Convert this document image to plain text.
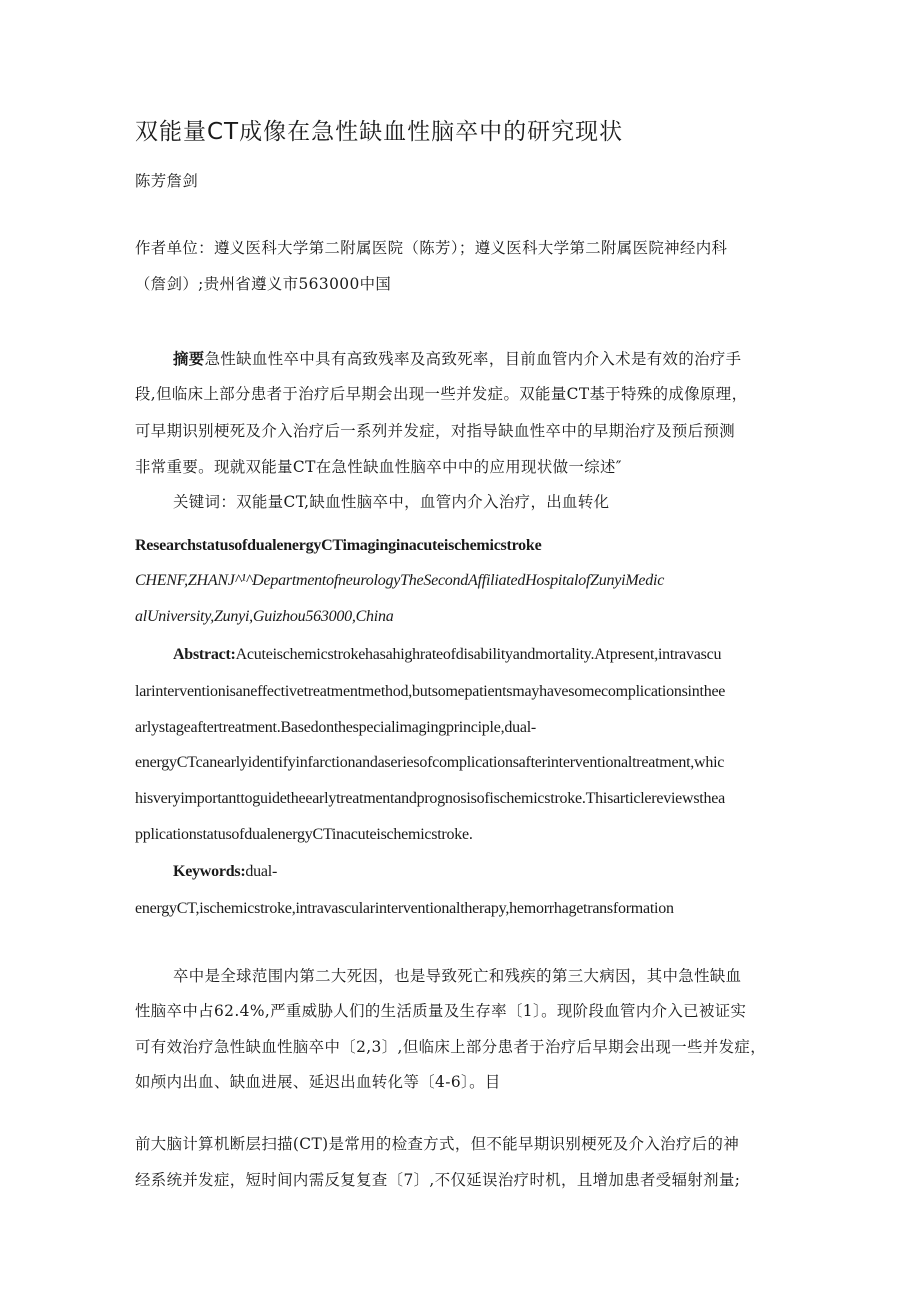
双能量CT成像在急性缺血性脑卒中的研究现状
陈芳詹剑
作者单位：遵义医科大学第二附属医院（陈芳）；遵义医科大学第二附属医院神经内科
（詹剑）;贵州省遵义市563000中国
摘要急性缺血性卒中具有高致残率及高致死率，目前血管内介入术是有效的治疗手
段,但临床上部分患者于治疗后早期会出现一些并发症。双能量CT基于特殊的成像原理，
可早期识别梗死及介入治疗后一系列并发症，对指导缺血性卒中的早期治疗及预后预测
非常重要。现就双能量CT在急性缺血性脑卒中中的应用现状做一综述″
关键词：双能量CT,缺血性脑卒中，血管内介入治疗，出血转化
ResearchstatusofdualenergyCTimaginginacuteischemicstroke
CHENF,ZHANJ^¹^DepartmentofneurologyTheSecondAffiliatedHospitalofZunyiMedic
alUniversity,Zunyi,Guizhou563000,China
Abstract:Acuteischemicstrokehasahighrateofdisabilityandmortality.Atpresent,intravascu
larinterventionisaneffectivetreatmentmethod,butsomepatientsmayhavesomecomplicationsinthee
arlystageaftertreatment.Basedonthespecialimagingprinciple,dual-
energyCTcanearlyidentifyinfarctionandaseriesofcomplicationsafterinterventionaltreatment,whic
hisveryimportanttoguidetheearlytreatmentandprognosisofischemicstroke.Thisarticlereviewsthea
pplicationstatusofdualenergyCTinacuteischemicstroke.
Keywords:dual-
energyCT,ischemicstroke,intravascularinterventionaltherapy,hemorrhagetransformation
卒中是全球范围内第二大死因，也是导致死亡和残疾的第三大病因，其中急性缺血
性脑卒中占62.4%,严重威胁人们的生活质量及生存率〔1〕。现阶段血管内介入已被证实
可有效治疗急性缺血性脑卒中〔2,3〕,但临床上部分患者于治疗后早期会出现一些并发症，
如颅内出血、缺血进展、延迟出血转化等〔4-6〕。目
前大脑计算机断层扫描(CT)是常用的检查方式，但不能早期识别梗死及介入治疗后的神
经系统并发症，短时间内需反复复查〔7〕,不仅延误治疗时机，且增加患者受辐射剂量;
